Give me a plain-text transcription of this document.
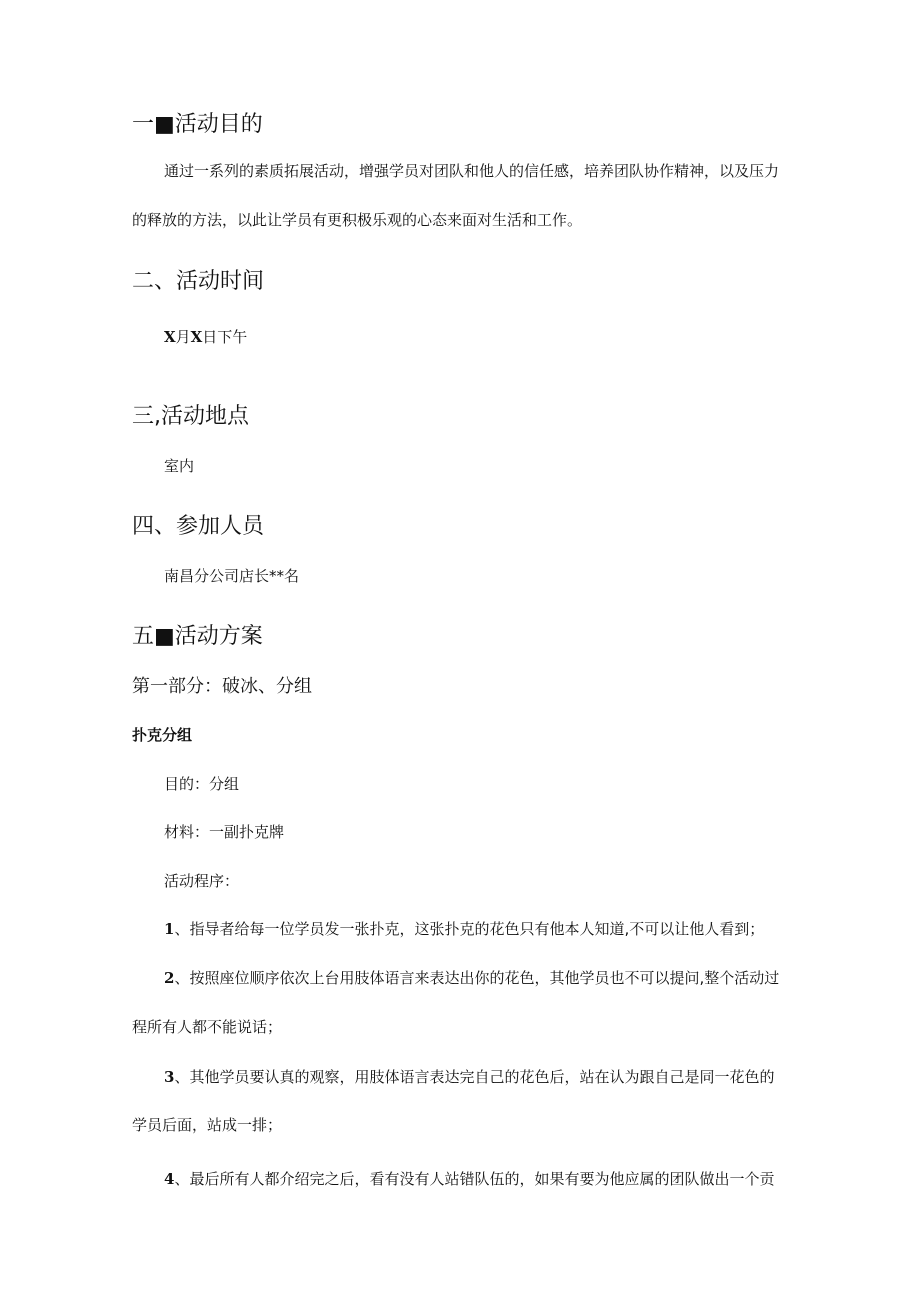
一■活动目的
通过一系列的素质拓展活动，增强学员对团队和他人的信任感，培养团队协作精神，以及压力
的释放的方法，以此让学员有更积极乐观的心态来面对生活和工作。
二、活动时间
X月X日下午
三,活动地点
室内
四、参加人员
南昌分公司店长**名
五■活动方案
第一部分：破冰、分组
扑克分组
目的：分组
材料：一副扑克牌
活动程序：
1、指导者给每一位学员发一张扑克，这张扑克的花色只有他本人知道,不可以让他人看到；
2、按照座位顺序依次上台用肢体语言来表达出你的花色，其他学员也不可以提问,整个活动过
程所有人都不能说话；
3、其他学员要认真的观察，用肢体语言表达完自己的花色后，站在认为跟自己是同一花色的
学员后面，站成一排；
4、最后所有人都介绍完之后，看有没有人站错队伍的，如果有要为他应属的团队做出一个贡
